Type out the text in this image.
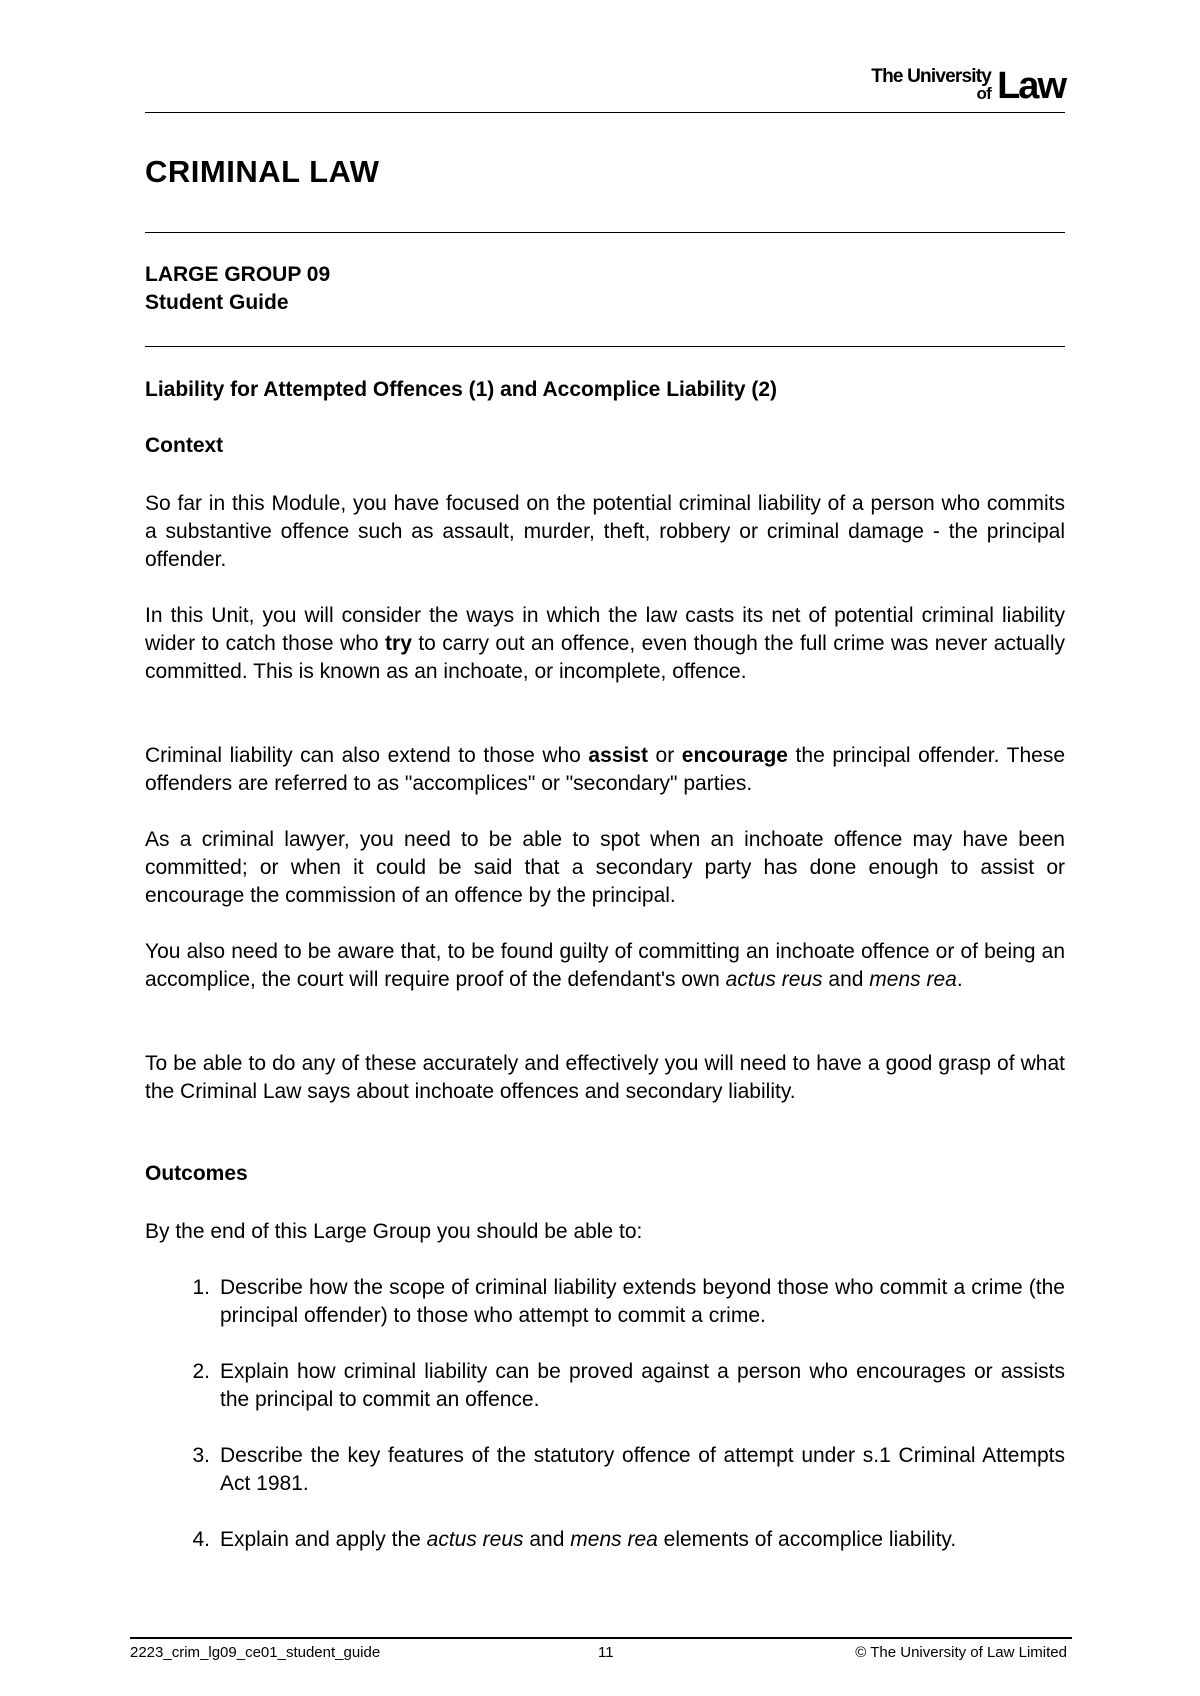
The University
of Law
CRIMINAL LAW
LARGE GROUP 09
Student Guide
Liability for Attempted Offences (1) and Accomplice Liability (2)
Context
So far in this Module, you have focused on the potential criminal liability of a person who commits a substantive offence such as assault, murder, theft, robbery or criminal damage - the principal offender.
In this Unit, you will consider the ways in which the law casts its net of potential criminal liability wider to catch those who try to carry out an offence, even though the full crime was never actually committed. This is known as an inchoate, or incomplete, offence.
Criminal liability can also extend to those who assist or encourage the principal offender. These offenders are referred to as "accomplices" or "secondary" parties.
As a criminal lawyer, you need to be able to spot when an inchoate offence may have been committed; or when it could be said that a secondary party has done enough to assist or encourage the commission of an offence by the principal.
You also need to be aware that, to be found guilty of committing an inchoate offence or of being an accomplice, the court will require proof of the defendant's own actus reus and mens rea.
To be able to do any of these accurately and effectively you will need to have a good grasp of what the Criminal Law says about inchoate offences and secondary liability.
Outcomes
By the end of this Large Group you should be able to:
1. Describe how the scope of criminal liability extends beyond those who commit a crime (the principal offender) to those who attempt to commit a crime.
2. Explain how criminal liability can be proved against a person who encourages or assists the principal to commit an offence.
3. Describe the key features of the statutory offence of attempt under s.1 Criminal Attempts Act 1981.
4. Explain and apply the actus reus and mens rea elements of accomplice liability.
2223_crim_lg09_ce01_student_guide	11	© The University of Law Limited
